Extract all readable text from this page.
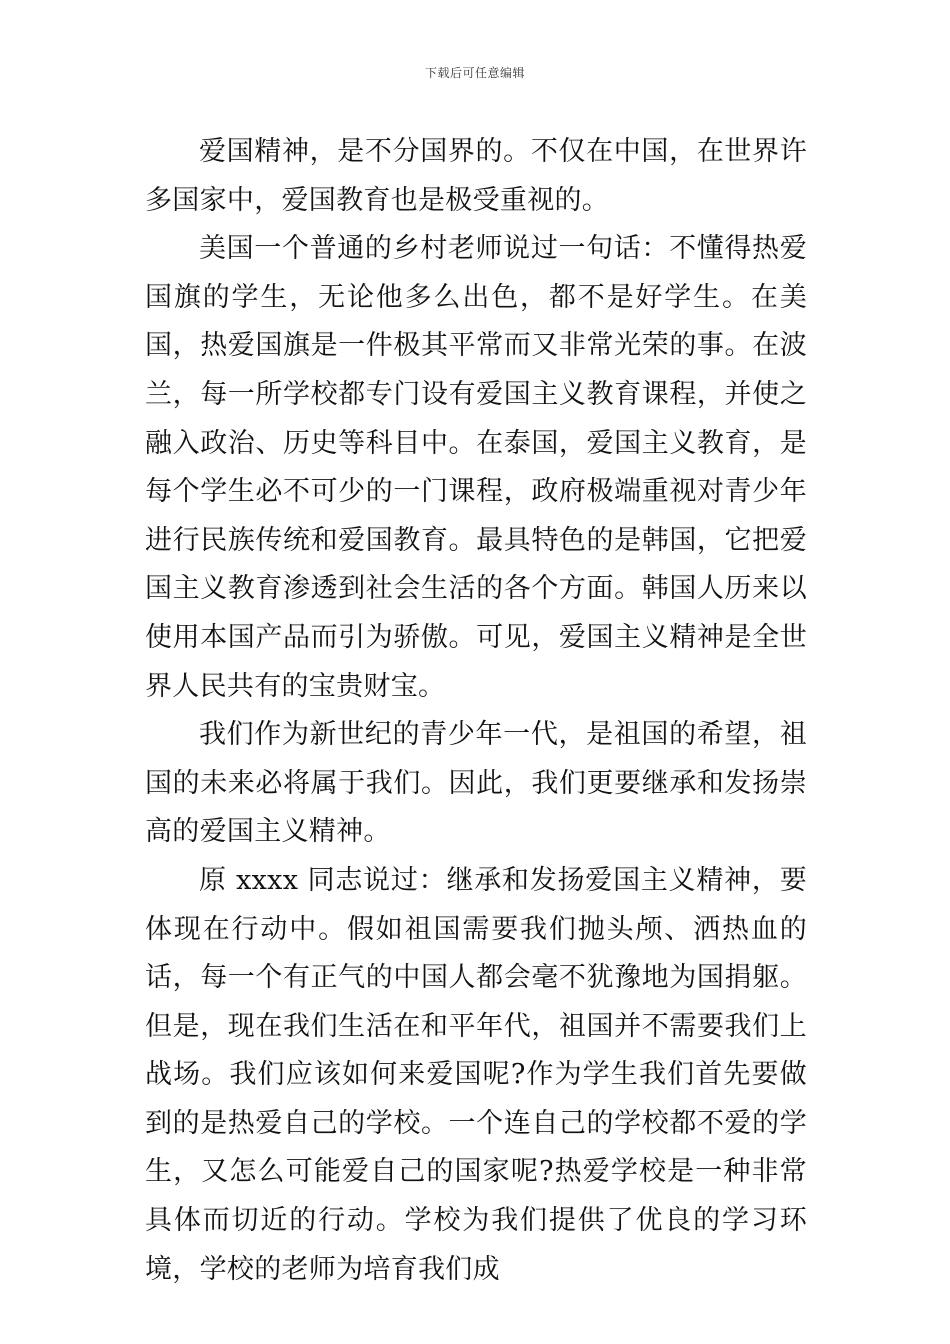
下载后可任意编辑

爱国精神，是不分国界的。不仅在中国，在世界许多国家中，爱国教育也是极受重视的。

美国一个普通的乡村老师说过一句话：不懂得热爱国旗的学生，无论他多么出色，都不是好学生。在美国，热爱国旗是一件极其平常而又非常光荣的事。在波兰，每一所学校都专门设有爱国主义教育课程，并使之融入政治、历史等科目中。在泰国，爱国主义教育，是每个学生必不可少的一门课程，政府极端重视对青少年进行民族传统和爱国教育。最具特色的是韩国，它把爱国主义教育渗透到社会生活的各个方面。韩国人历来以使用本国产品而引为骄傲。可见，爱国主义精神是全世界人民共有的宝贵财宝。

我们作为新世纪的青少年一代，是祖国的希望，祖国的未来必将属于我们。因此，我们更要继承和发扬崇高的爱国主义精神。

原 xxxx 同志说过：继承和发扬爱国主义精神，要体现在行动中。假如祖国需要我们抛头颅、洒热血的话，每一个有正气的中国人都会毫不犹豫地为国捐躯。但是，现在我们生活在和平年代，祖国并不需要我们上战场。我们应该如何来爱国呢?作为学生我们首先要做到的是热爱自己的学校。一个连自己的学校都不爱的学生，又怎么可能爱自己的国家呢?热爱学校是一种非常具体而切近的行动。学校为我们提供了优良的学习环境，学校的老师为培育我们成
